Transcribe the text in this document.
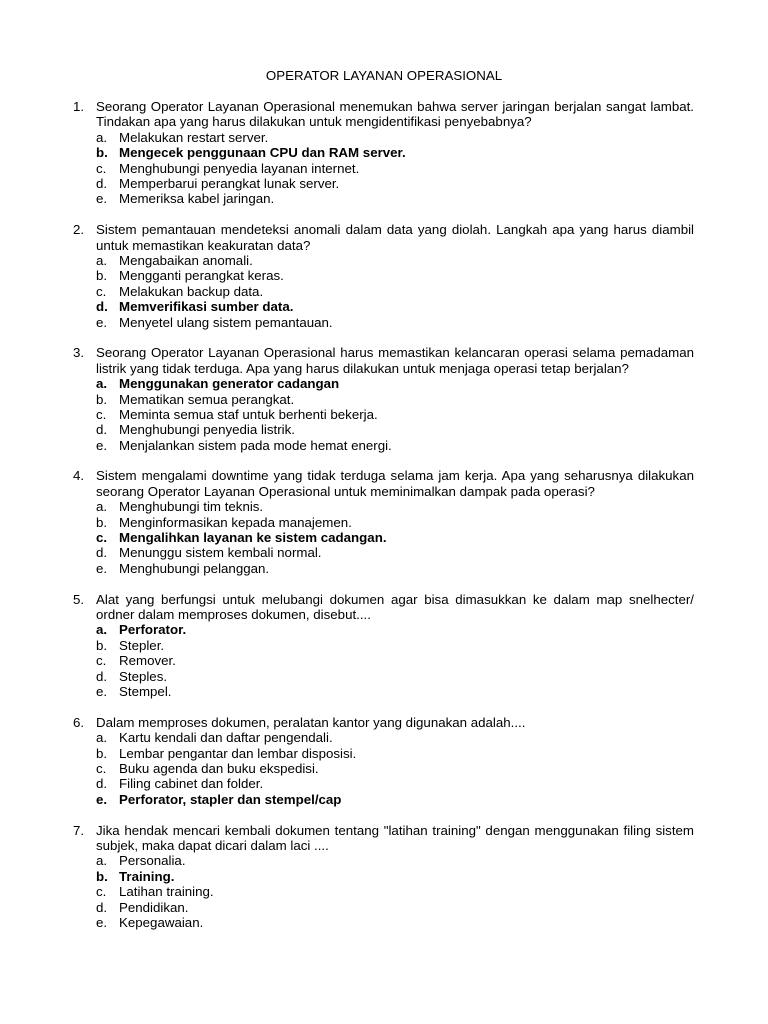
OPERATOR LAYANAN OPERASIONAL
1. Seorang Operator Layanan Operasional menemukan bahwa server jaringan berjalan sangat lambat. Tindakan apa yang harus dilakukan untuk mengidentifikasi penyebabnya?
a. Melakukan restart server.
b. Mengecek penggunaan CPU dan RAM server.
c. Menghubungi penyedia layanan internet.
d. Memperbarui perangkat lunak server.
e. Memeriksa kabel jaringan.
2. Sistem pemantauan mendeteksi anomali dalam data yang diolah. Langkah apa yang harus diambil untuk memastikan keakuratan data?
a. Mengabaikan anomali.
b. Mengganti perangkat keras.
c. Melakukan backup data.
d. Memverifikasi sumber data.
e. Menyetel ulang sistem pemantauan.
3. Seorang Operator Layanan Operasional harus memastikan kelancaran operasi selama pemadaman listrik yang tidak terduga. Apa yang harus dilakukan untuk menjaga operasi tetap berjalan?
a. Menggunakan generator cadangan
b. Mematikan semua perangkat.
c. Meminta semua staf untuk berhenti bekerja.
d. Menghubungi penyedia listrik.
e. Menjalankan sistem pada mode hemat energi.
4. Sistem mengalami downtime yang tidak terduga selama jam kerja. Apa yang seharusnya dilakukan seorang Operator Layanan Operasional untuk meminimalkan dampak pada operasi?
a. Menghubungi tim teknis.
b. Menginformasikan kepada manajemen.
c. Mengalihkan layanan ke sistem cadangan.
d. Menunggu sistem kembali normal.
e. Menghubungi pelanggan.
5. Alat yang berfungsi untuk melubangi dokumen agar bisa dimasukkan ke dalam map snelhecter/ ordner dalam memproses dokumen, disebut....
a. Perforator.
b. Stepler.
c. Remover.
d. Steples.
e. Stempel.
6. Dalam memproses dokumen, peralatan kantor yang digunakan adalah....
a. Kartu kendali dan daftar pengendali.
b. Lembar pengantar dan lembar disposisi.
c. Buku agenda dan buku ekspedisi.
d. Filing cabinet dan folder.
e. Perforator, stapler dan stempel/cap
7. Jika hendak mencari kembali dokumen tentang "latihan training" dengan menggunakan filing sistem subjek, maka dapat dicari dalam laci ....
a. Personalia.
b. Training.
c. Latihan training.
d. Pendidikan.
e. Kepegawaian.
